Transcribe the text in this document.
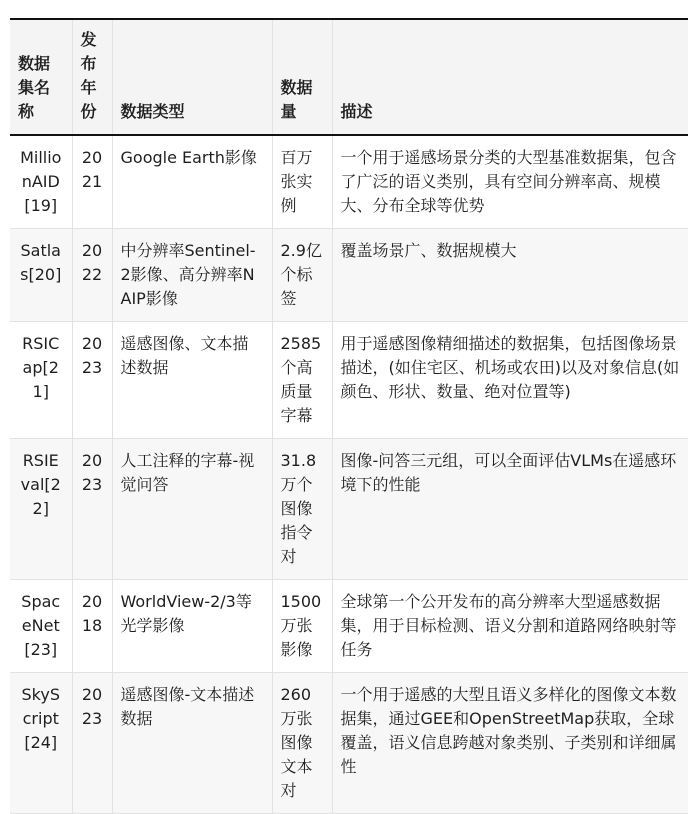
数据集名称	发布年份	数据类型	数据量	描述
MillionAID[19]	2021	Google Earth影像	百万张实例	一个用于遥感场景分类的大型基准数据集，包含了广泛的语义类别，具有空间分辨率高、规模大、分布全球等优势
Satlas[20]	2022	中分辨率Sentinel-2影像、高分辨率NAIP影像	2.9亿个标签	覆盖场景广、数据规模大
RSICap[21]	2023	遥感图像、文本描述数据	2585个高质量字幕	用于遥感图像精细描述的数据集，包括图像场景描述，(如住宅区、机场或农田)以及对象信息(如颜色、形状、数量、绝对位置等)
RSIEval[22]	2023	人工注释的字幕-视觉问答	31.8万个图像指令对	图像-问答三元组，可以全面评估VLMs在遥感环境下的性能
SpaceNet[23]	2018	WorldView-2/3等光学影像	1500万张影像	全球第一个公开发布的高分辨率大型遥感数据集，用于目标检测、语义分割和道路网络映射等任务
SkyScript[24]	2023	遥感图像-文本描述数据	260万张图像文本对	一个用于遥感的大型且语义多样化的图像文本数据集，通过GEE和OpenStreetMap获取，全球覆盖，语义信息跨越对象类别、子类别和详细属性
